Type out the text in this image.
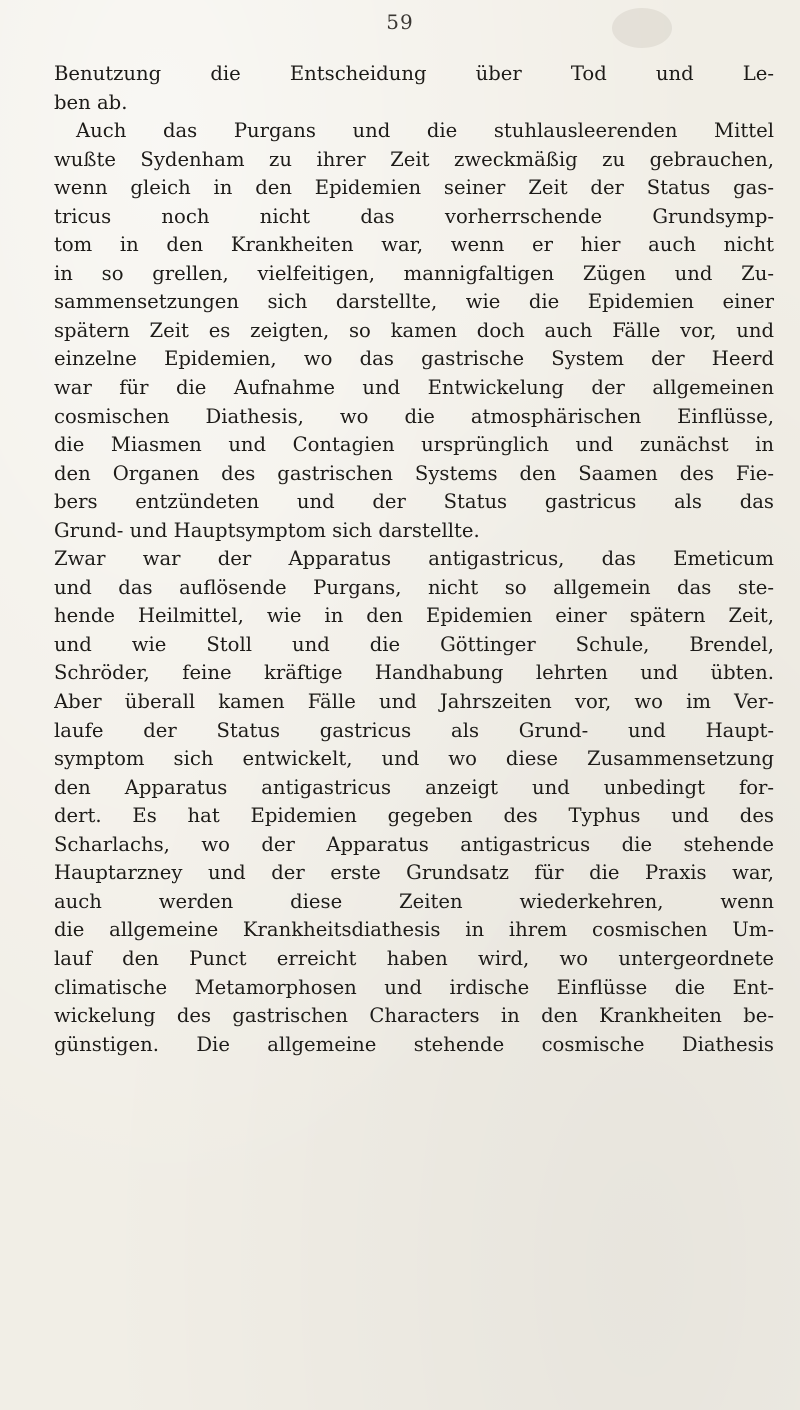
59
Benutzung die Entscheidung über Tod und Le-
ben ab.
Auch das Purgans und die stuhlausleerenden Mittel
wußte Sydenham zu ihrer Zeit zweckmäßig zu gebrauchen,
wenn gleich in den Epidemien seiner Zeit der Status gas-
tricus noch nicht das vorherrschende Grundsymp-
tom in den Krankheiten war, wenn er hier auch nicht
in so grellen, vielfeitigen, mannigfaltigen Zügen und Zu-
sammensetzungen sich darstellte, wie die Epidemien einer
spätern Zeit es zeigten, so kamen doch auch Fälle vor, und
einzelne Epidemien, wo das gastrische System der Heerd
war für die Aufnahme und Entwickelung der allgemeinen
cosmischen Diathesis, wo die atmosphärischen Einflüsse,
die Miasmen und Contagien ursprünglich und zunächst in
den Organen des gastrischen Systems den Saamen des Fie-
bers entzündeten und der Status gastricus als das
Grund- und Hauptsymptom sich darstellte.
Zwar war der Apparatus antigastricus, das Emeticum
und das auflösende Purgans, nicht so allgemein das ste-
hende Heilmittel, wie in den Epidemien einer spätern Zeit,
und wie Stoll und die Göttinger Schule, Brendel,
Schröder, feine kräftige Handhabung lehrten und übten.
Aber überall kamen Fälle und Jahrszeiten vor, wo im Ver-
laufe der Status gastricus als Grund- und Haupt-
symptom sich entwickelt, und wo diese Zusammensetzung
den Apparatus antigastricus anzeigt und unbedingt for-
dert. Es hat Epidemien gegeben des Typhus und des
Scharlachs, wo der Apparatus antigastricus die stehende
Hauptarzney und der erste Grundsatz für die Praxis war,
auch werden diese Zeiten wiederkehren, wenn
die allgemeine Krankheitsdiathesis in ihrem cosmischen Um-
lauf den Punct erreicht haben wird, wo untergeordnete
climatische Metamorphosen und irdische Einflüsse die Ent-
wickelung des gastrischen Characters in den Krankheiten be-
günstigen. Die allgemeine stehende cosmische Diathesis
